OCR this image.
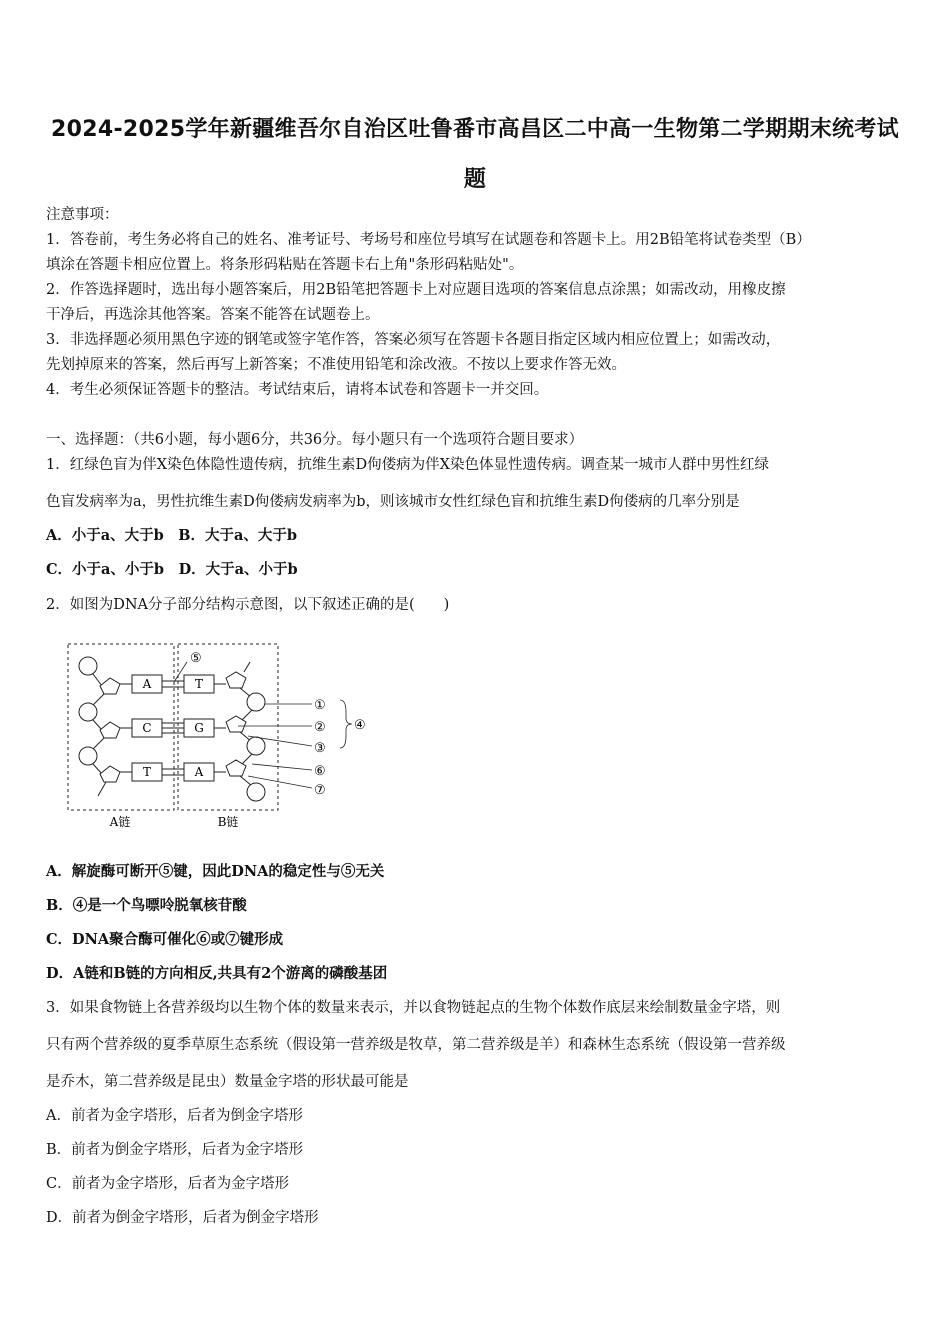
2024-2025学年新疆维吾尔自治区吐鲁番市高昌区二中高一生物第二学期期末统考试
题
注意事项：
1．答卷前，考生务必将自己的姓名、准考证号、考场号和座位号填写在试题卷和答题卡上。用2B铅笔将试卷类型（B）
填涂在答题卡相应位置上。将条形码粘贴在答题卡右上角"条形码粘贴处"。
2．作答选择题时，选出每小题答案后，用2B铅笔把答题卡上对应题目选项的答案信息点涂黑；如需改动，用橡皮擦
干净后，再选涂其他答案。答案不能答在试题卷上。
3．非选择题必须用黑色字迹的钢笔或签字笔作答，答案必须写在答题卡各题目指定区域内相应位置上；如需改动，
先划掉原来的答案，然后再写上新答案；不准使用铅笔和涂改液。不按以上要求作答无效。
4．考生必须保证答题卡的整洁。考试结束后，请将本试卷和答题卡一并交回。
一、选择题：（共6小题，每小题6分，共36分。每小题只有一个选项符合题目要求）
1．红绿色盲为伴X染色体隐性遗传病，抗维生素D佝偻病为伴X染色体显性遗传病。调查某一城市人群中男性红绿
色盲发病率为a，男性抗维生素D佝偻病发病率为b，则该城市女性红绿色盲和抗维生素D佝偻病的几率分别是
A．小于a、大于b　B．大于a、大于b
C．小于a、小于b　D．大于a、小于b
2．如图为DNA分子部分结构示意图，以下叙述正确的是(　　)
A
C
T
T
G
A
⑤
①
②
③
⑥
⑦
④
A链	B链
A．解旋酶可断开⑤键，因此DNA的稳定性与⑤无关
B．④是一个鸟嘌呤脱氧核苷酸
C．DNA聚合酶可催化⑥或⑦键形成
D．A链和B链的方向相反,共具有2个游离的磷酸基团
3．如果食物链上各营养级均以生物个体的数量来表示，并以食物链起点的生物个体数作底层来绘制数量金字塔，则
只有两个营养级的夏季草原生态系统（假设第一营养级是牧草，第二营养级是羊）和森林生态系统（假设第一营养级
是乔木，第二营养级是昆虫）数量金字塔的形状最可能是
A．前者为金字塔形，后者为倒金字塔形
B．前者为倒金字塔形，后者为金字塔形
C．前者为金字塔形，后者为金字塔形
D．前者为倒金字塔形，后者为倒金字塔形
